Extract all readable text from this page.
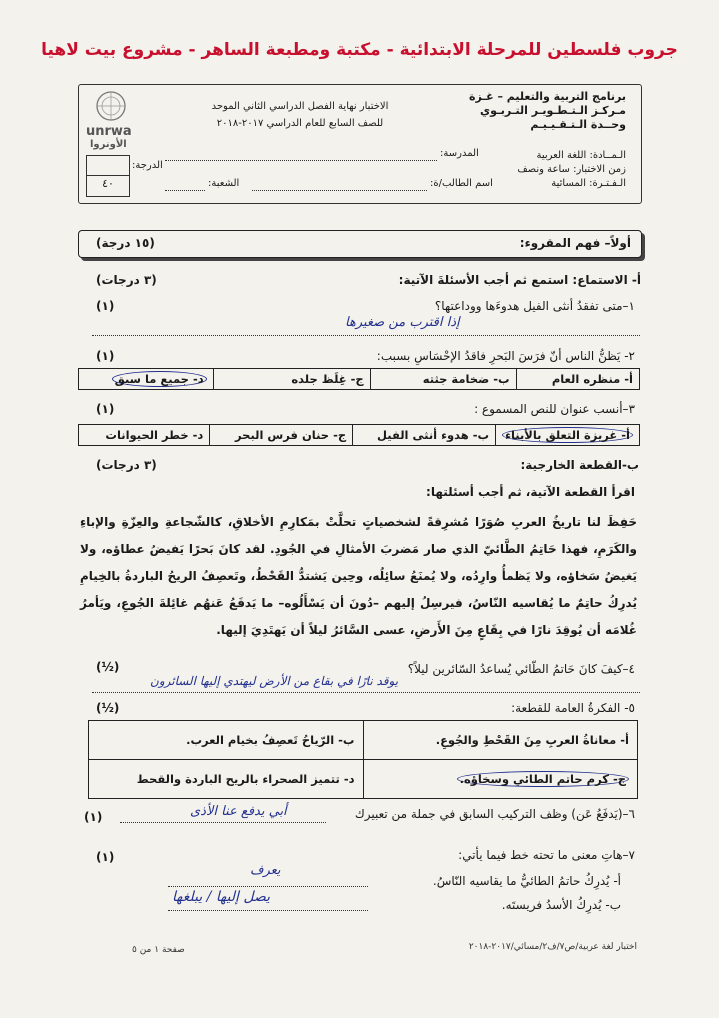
جروب فلسطين للمرحلة الابتدائية - مكتبة ومطبعة الساهر - مشروع بيت لاهيا
برنامج التربية والتعليم – غـزة
مـركـز الـتـطـويـر التـربـوي
وحــدة الـتـقـيـيـم
الـمــادة: اللغة العربية
زمن الاختبار: ساعة ونصف
الـفـتـرة: المسائية
الاختبار نهاية الفصل الدراسي الثاني الموحد
للصف السابع للعام الدراسي ٢٠١٧-٢٠١٨
المدرسة:
اسم الطالب/ة:
الشعبة:
unrwa
الأونروا
الدرجة:
٤٠
أولاً– فهم المقروء:
(١٥ درجة)
أ- الاستماع: استمع ثم أجب الأسئلةَ الآتية:
(٣ درجات)
١–متى تفقدُ أنثى الفيل هدوءَها ووداعتها؟
(١)
إذا اقترب من صغيرها
٢- يَظنُّ الناس أنّ فرَسَ البَحرِ فاقدُ الإحْسَاسِ بسبب:
(١)
أ- منظره العام	ب- ضخامة جثته	ج- غِلَظ جلده	د- جميع ما سبق
٣–أنسب عنوان للنص المسموع :
(١)
أ- غريزة التعلق بالأبناء	ب- هدوء أنثى الفيل	ج- حنان فرس البحر	د- خطر الحيوانات
ب-القطعة الخارجية:
(٣ درجات)
اقرأ القطعة الآتية، ثم أجب أسئلتها:
حَفِظَ لنا تاريخُ العربِ صُوَرًا مُشرِقةً لشخصياتٍ تحلَّتْ بمَكارِمِ الأخلاقِ، كالشّجاعةِ والعِزّةِ والإباءِ والكَرَمِ، فهذا حَاتِمُ الطَّائيّ الذي صار مَضربَ الأمثالِ في الجُودِ. لقد كانَ بَحرًا يَفيضُ عطاؤه، ولا يَغيضُ سَخاؤه، ولا يَظمأُ وارِدُه، ولا يُمنَعُ سائِلُه، وحِين يَشتدُّ القَحْطُ، وتَعصِفُ الريحُ الباردةُ بالخِيامِ يُدرِكُ حاتِمٌ ما يُقاسيه النّاسُ، فيرسِلُ إليهم –دُونَ أن يَسْأَلُوه– ما يَدفَعُ عَنهُم غائِلةَ الجُوعِ، ويَأمرُ غُلامَه أن يُوقِدَ نارًا في بِقَاعٍ مِنَ الأَرضِ، عسى السَّائرُ ليلاً أن يَهتَدِيَ إليها.
٤–كيفَ كانَ حَاتمُ الطّائي يُساعدُ السّائرين ليلاً؟
(½)
يوقد نارًا في بقاع من الأرض ليهتدي إليها السائرون
٥- الفكرةُ العامة للقطعة:
(½)
أ- معاناةُ العربِ مِنَ القَحْطِ والجُوعِ.	ب- الرّياحُ تَعصِفُ بخيام العرب.
ج- كرم حاتم الطائي وسخاؤه.	د- تتميز الصحراء بالريح الباردة والقحط
٦–(يَدفَعُ عَن) وظف التركيب السابق في جملة من تعبيرك
أبي يدفع عنا الأذى
(١)
٧–هاتِ معنى ما تحته خط فيما يأتي:
(١)
أ- يُدرِكُ حاتمُ الطائيُّ ما يقاسيه النّاسُ.
يعرف
ب- يُدرِكُ الأسدُ فريستَه.
يصل إليها / يبلغها
صفحة ١ من ٥	اختبار لغة عربية/ص٧/ف٢/مسائي/٢٠١٧-٢٠١٨
